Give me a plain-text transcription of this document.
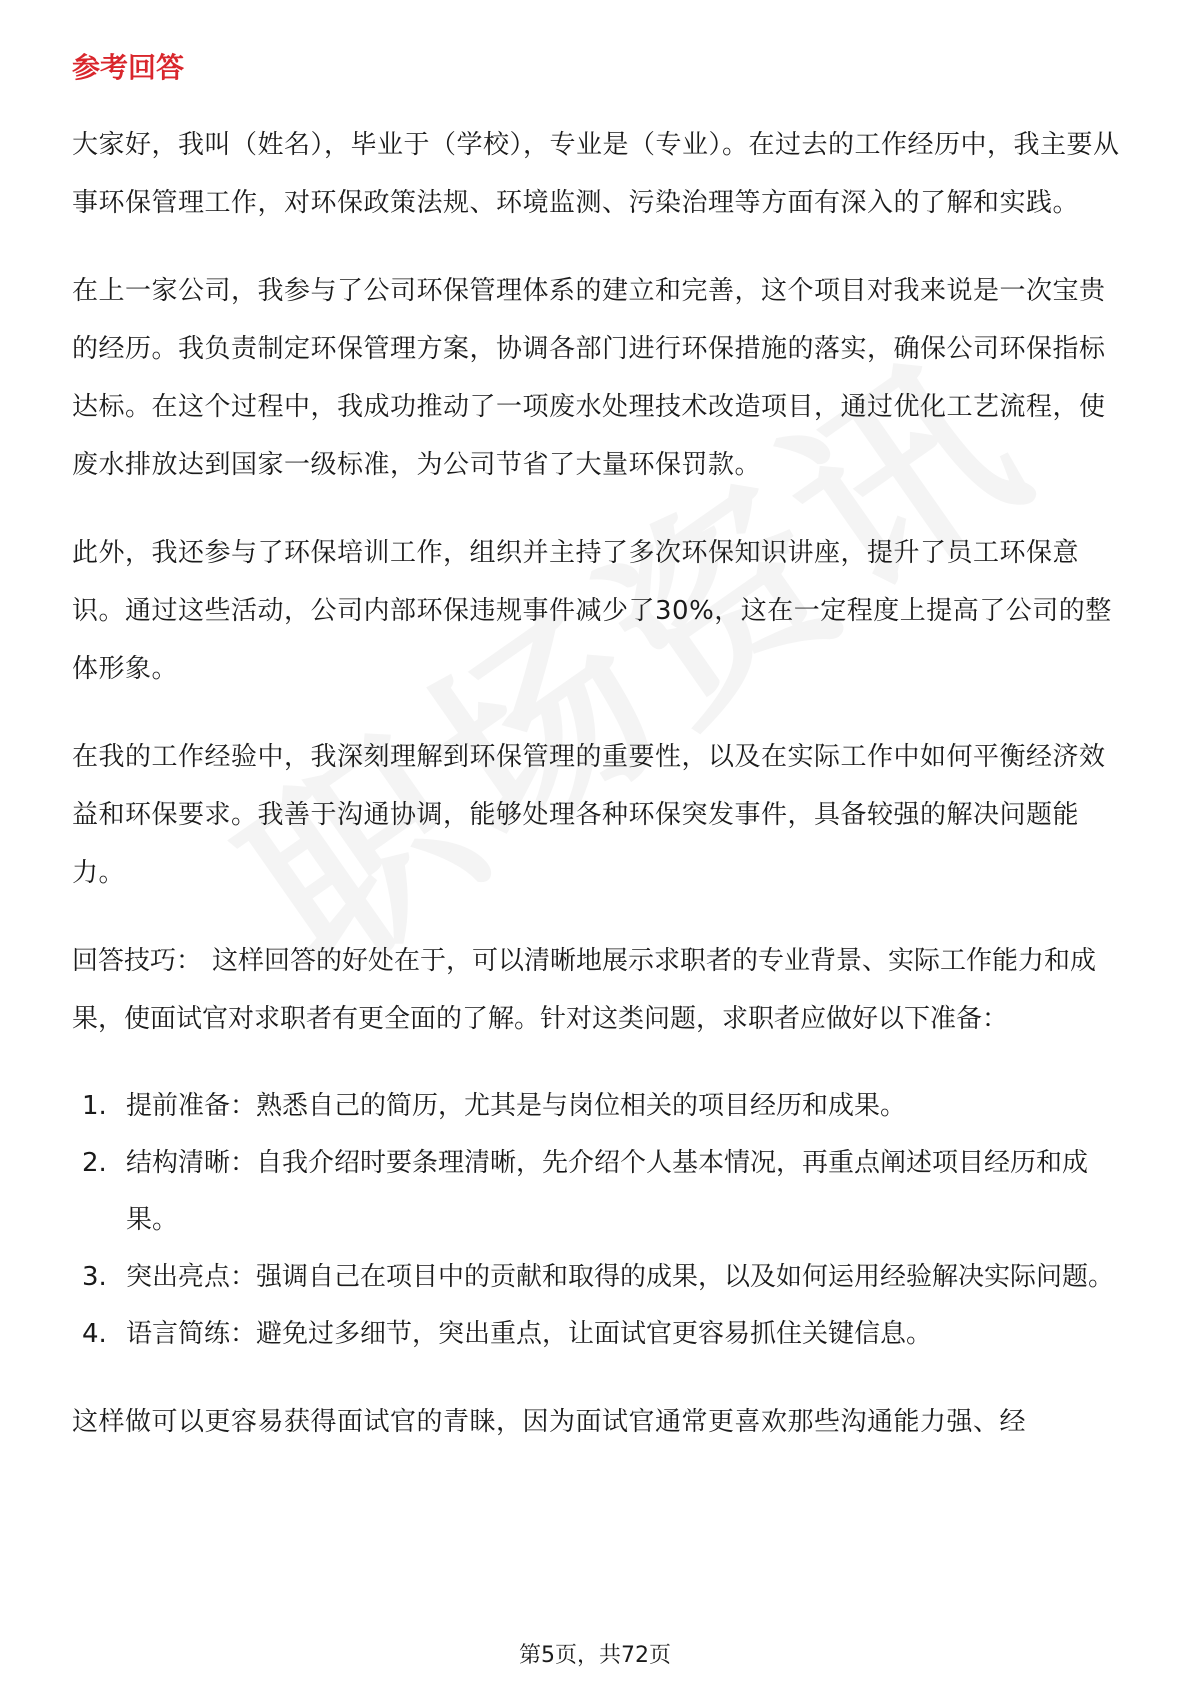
参考回答

大家好，我叫（姓名），毕业于（学校），专业是（专业）。在过去的工作经历中，我主要从事环保管理工作，对环保政策法规、环境监测、污染治理等方面有深入的了解和实践。

在上一家公司，我参与了公司环保管理体系的建立和完善，这个项目对我来说是一次宝贵的经历。我负责制定环保管理方案，协调各部门进行环保措施的落实，确保公司环保指标达标。在这个过程中，我成功推动了一项废水处理技术改造项目，通过优化工艺流程，使废水排放达到国家一级标准，为公司节省了大量环保罚款。

此外，我还参与了环保培训工作，组织并主持了多次环保知识讲座，提升了员工环保意识。通过这些活动，公司内部环保违规事件减少了30%，这在一定程度上提高了公司的整体形象。

在我的工作经验中，我深刻理解到环保管理的重要性，以及在实际工作中如何平衡经济效益和环保要求。我善于沟通协调，能够处理各种环保突发事件，具备较强的解决问题能力。

回答技巧： 这样回答的好处在于，可以清晰地展示求职者的专业背景、实际工作能力和成果，使面试官对求职者有更全面的了解。针对这类问题，求职者应做好以下准备：

1. 提前准备：熟悉自己的简历，尤其是与岗位相关的项目经历和成果。
2. 结构清晰：自我介绍时要条理清晰，先介绍个人基本情况，再重点阐述项目经历和成果。
3. 突出亮点：强调自己在项目中的贡献和取得的成果，以及如何运用经验解决实际问题。
4. 语言简练：避免过多细节，突出重点，让面试官更容易抓住关键信息。

这样做可以更容易获得面试官的青睐，因为面试官通常更喜欢那些沟通能力强、经

第5页，共72页
